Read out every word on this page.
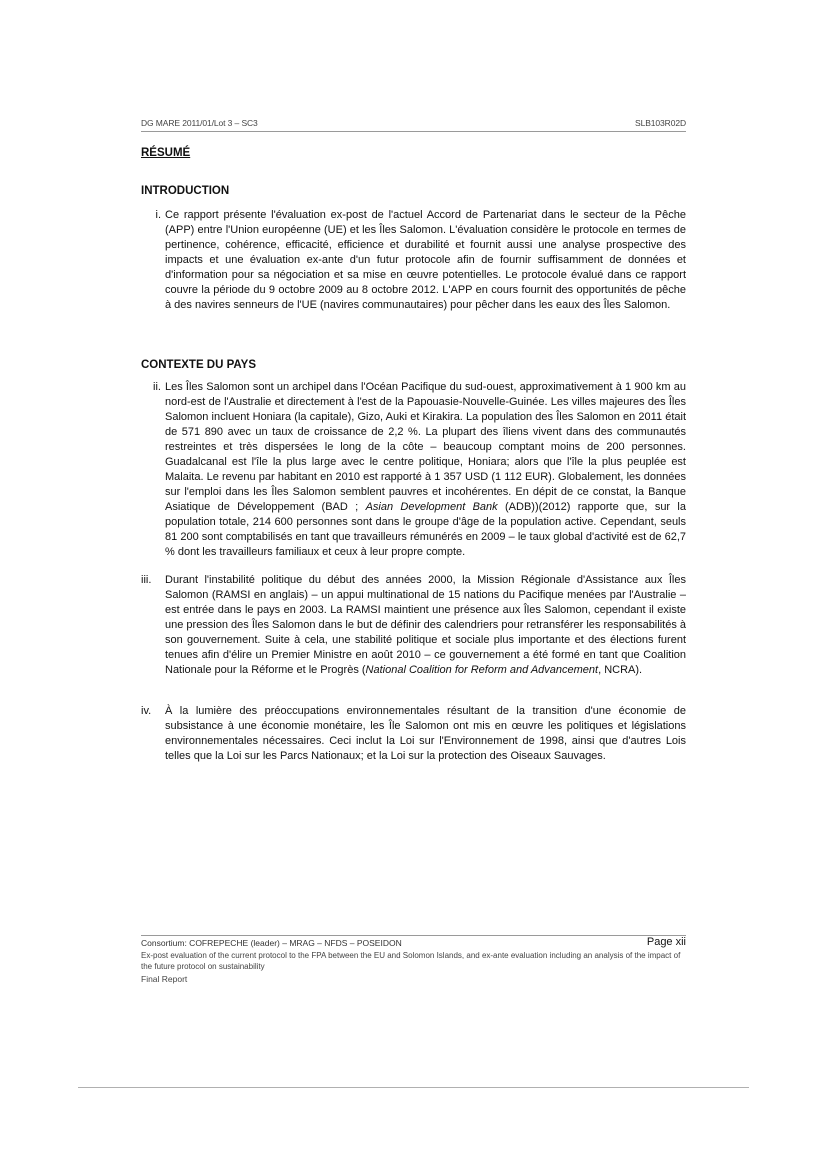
DG MARE 2011/01/Lot 3 – SC3	SLB103R02D
RÉSUMÉ
INTRODUCTION
i. Ce rapport présente l'évaluation ex-post de l'actuel Accord de Partenariat dans le secteur de la Pêche (APP) entre l'Union européenne (UE) et les Îles Salomon. L'évaluation considère le protocole en termes de pertinence, cohérence, efficacité, efficience et durabilité et fournit aussi une analyse prospective des impacts et une évaluation ex-ante d'un futur protocole afin de fournir suffisamment de données et d'information pour sa négociation et sa mise en œuvre potentielles. Le protocole évalué dans ce rapport couvre la période du 9 octobre 2009 au 8 octobre 2012. L'APP en cours fournit des opportunités de pêche à des navires senneurs de l'UE (navires communautaires) pour pêcher dans les eaux des Îles Salomon.
CONTEXTE DU PAYS
ii. Les Îles Salomon sont un archipel dans l'Océan Pacifique du sud-ouest, approximativement à 1 900 km au nord-est de l'Australie et directement à l'est de la Papouasie-Nouvelle-Guinée. Les villes majeures des Îles Salomon incluent Honiara (la capitale), Gizo, Auki et Kirakira. La population des Îles Salomon en 2011 était de 571 890 avec un taux de croissance de 2,2 %. La plupart des îliens vivent dans des communautés restreintes et très dispersées le long de la côte – beaucoup comptant moins de 200 personnes. Guadalcanal est l'île la plus large avec le centre politique, Honiara; alors que l'île la plus peuplée est Malaita. Le revenu par habitant en 2010 est rapporté à 1 357 USD (1 112 EUR). Globalement, les données sur l'emploi dans les Îles Salomon semblent pauvres et incohérentes. En dépit de ce constat, la Banque Asiatique de Développement (BAD ; Asian Development Bank (ADB))(2012) rapporte que, sur la population totale, 214 600 personnes sont dans le groupe d'âge de la population active. Cependant, seuls 81 200 sont comptabilisés en tant que travailleurs rémunérés en 2009 – le taux global d'activité est de 62,7 % dont les travailleurs familiaux et ceux à leur propre compte.
iii.	Durant l'instabilité politique du début des années 2000, la Mission Régionale d'Assistance aux Îles Salomon (RAMSI en anglais) – un appui multinational de 15 nations du Pacifique menées par l'Australie – est entrée dans le pays en 2003. La RAMSI maintient une présence aux Îles Salomon, cependant il existe une pression des Îles Salomon dans le but de définir des calendriers pour retransférer les responsabilités à son gouvernement. Suite à cela, une stabilité politique et sociale plus importante et des élections furent tenues afin d'élire un Premier Ministre en août 2010 – ce gouvernement a été formé en tant que Coalition Nationale pour la Réforme et le Progrès (National Coalition for Reform and Advancement, NCRA).
iv.	À la lumière des préoccupations environnementales résultant de la transition d'une économie de subsistance à une économie monétaire, les Île Salomon ont mis en œuvre les politiques et législations environnementales nécessaires. Ceci inclut la Loi sur l'Environnement de 1998, ainsi que d'autres Lois telles que la Loi sur les Parcs Nationaux; et la Loi sur la protection des Oiseaux Sauvages.
Consortium: COFREPECHE (leader) – MRAG – NFDS – POSEIDON	Page xii
Ex-post evaluation of the current protocol to the FPA between the EU and Solomon Islands, and ex-ante evaluation including an analysis of the impact of the future protocol on sustainability
Final Report
